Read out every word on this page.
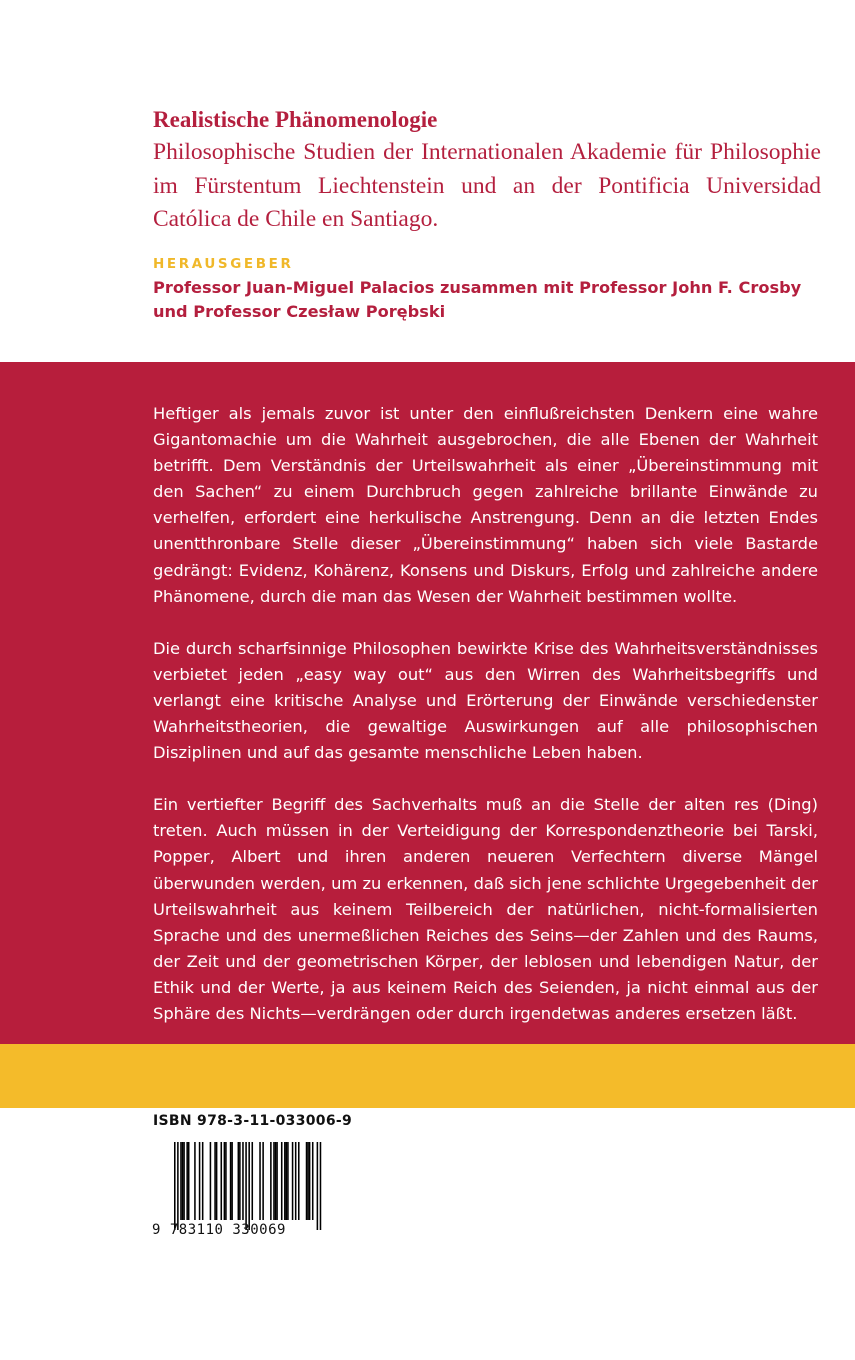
Realistische Phänomenologie

Philosophische Studien der Internationalen Akademie für Philosophie im Fürstentum Liechtenstein und an der Pontificia Universidad Católica de Chile en Santiago.

HERAUSGEBER
Professor Juan-Miguel Palacios zusammen mit Professor John F. Crosby und Professor Czesław Porębski

Heftiger als jemals zuvor ist unter den einflußreichsten Denkern eine wahre Gigantomachie um die Wahrheit ausgebrochen, die alle Ebenen der Wahrheit betrifft. Dem Verständnis der Urteilswahrheit als einer „Übereinstimmung mit den Sachen“ zu einem Durchbruch gegen zahlreiche brillante Einwände zu verhelfen, erfordert eine herkulische Anstrengung. Denn an die letzten Endes unentthronbare Stelle dieser „Übereinstimmung“ haben sich viele Bastarde gedrängt: Evidenz, Kohärenz, Konsens und Diskurs, Erfolg und zahlreiche andere Phänomene, durch die man das Wesen der Wahrheit bestimmen wollte.

Die durch scharfsinnige Philosophen bewirkte Krise des Wahrheitsverständnisses verbietet jeden „easy way out“ aus den Wirren des Wahrheitsbegriffs und verlangt eine kritische Analyse und Erörterung der Einwände verschiedenster Wahrheitstheorien, die gewaltige Auswirkungen auf alle philosophischen Disziplinen und auf das gesamte menschliche Leben haben.

Ein vertiefter Begriff des Sachverhalts muß an die Stelle der alten res (Ding) treten. Auch müssen in der Verteidigung der Korrespondenztheorie bei Tarski, Popper, Albert und ihren anderen neueren Verfechtern diverse Mängel überwunden werden, um zu erkennen, daß sich jene schlichte Urgegebenheit der Urteilswahrheit aus keinem Teilbereich der natürlichen, nicht-formalisierten Sprache und des unermeßlichen Reiches des Seins—der Zahlen und des Raums, der Zeit und der geometrischen Körper, der leblosen und lebendigen Natur, der Ethik und der Werte, ja aus keinem Reich des Seienden, ja nicht einmal aus der Sphäre des Nichts—verdrängen oder durch irgendetwas anderes ersetzen läßt.

ISBN 978-3-11-033006-9
9 783110 330069
